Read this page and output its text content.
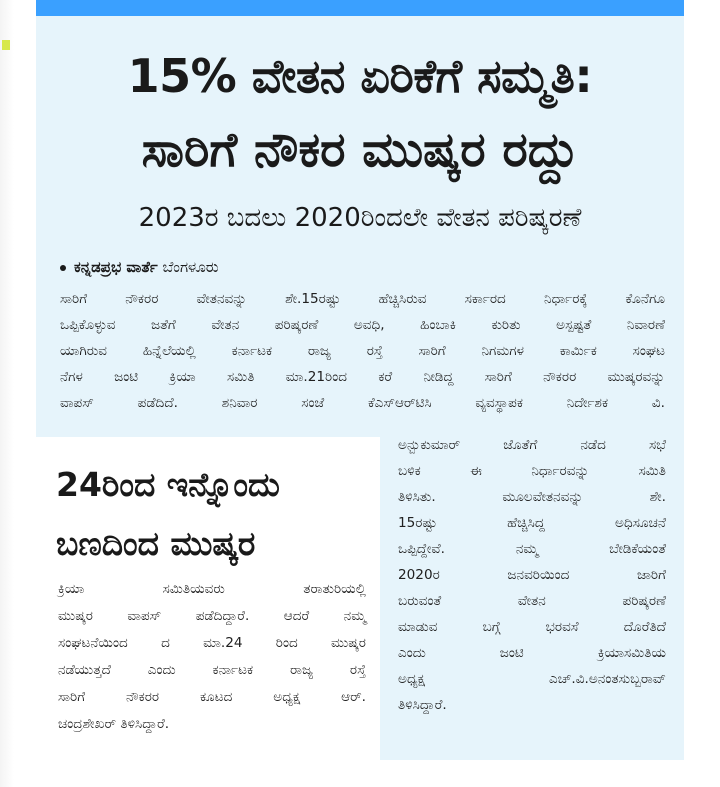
15% ವೇತನ ಏರಿಕೆಗೆ ಸಮ್ಮತಿ:
ಸಾರಿಗೆ ನೌಕರ ಮುಷ್ಕರ ರದ್ದು
2023ರ ಬದಲು 2020ರಿಂದಲೇ ವೇತನ ಪರಿಷ್ಕರಣೆ
ಕನ್ನಡಪ್ರಭ ವಾರ್ತೆ ಬೆಂಗಳೂರು
ಸಾರಿಗೆ ನೌಕರರ ವೇತನವನ್ನು ಶೇ.15ರಷ್ಟು ಹೆಚ್ಚಿಸಿರುವ ಸರ್ಕಾರದ ನಿರ್ಧಾರಕ್ಕೆ ಕೊನೆಗೂ
ಒಪ್ಪಿಕೊಳ್ಳುವ ಜತೆಗೆ ವೇತನ ಪರಿಷ್ಕರಣೆ ಅವಧಿ, ಹಿಂಬಾಕಿ ಕುರಿತು ಅಸ್ಪಷ್ಟತೆ ನಿವಾರಣೆ
ಯಾಗಿರುವ ಹಿನ್ನೆಲೆಯಲ್ಲಿ ಕರ್ನಾಟಕ ರಾಜ್ಯ ರಸ್ತೆ ಸಾರಿಗೆ ನಿಗಮಗಳ ಕಾರ್ಮಿಕ ಸಂಘಟ
ನೆಗಳ ಜಂಟಿ ಕ್ರಿಯಾ ಸಮಿತಿ ಮಾ.21ರಿಂದ ಕರೆ ನೀಡಿದ್ದ ಸಾರಿಗೆ ನೌಕರರ ಮುಷ್ಕರವನ್ನು
ವಾಪಸ್ ಪಡೆದಿದೆ. ಶನಿವಾರ ಸಂಜೆ ಕೆಎಸ್ಆರ್‌ಟಿಸಿ ವ್ಯವಸ್ಥಾಪಕ ನಿರ್ದೇಶಕ ವಿ.
ಅನ್ಬುಕುಮಾರ್ ಜೊತೆಗೆ ನಡೆದ ಸಭೆ
ಬಳಿಕ ಈ ನಿರ್ಧಾರವನ್ನು ಸಮಿತಿ
ತಿಳಿಸಿತು. ಮೂಲವೇತನವನ್ನು ಶೇ.
15ರಷ್ಟು ಹೆಚ್ಚಿಸಿದ್ದ ಅಧಿಸೂಚನೆ
ಒಪ್ಪಿದ್ದೇವೆ. ನಮ್ಮ ಬೇಡಿಕೆಯಂತೆ
2020ರ ಜನವರಿಯಿಂದ ಜಾರಿಗೆ
ಬರುವಂತೆ ವೇತನ ಪರಿಷ್ಕರಣೆ
ಮಾಡುವ ಬಗ್ಗೆ ಭರವಸೆ ದೊರೆತಿದೆ
ಎಂದು ಜಂಟಿ ಕ್ರಿಯಾಸಮಿತಿಯ
ಅಧ್ಯಕ್ಷ ಎಚ್.ವಿ.ಅನಂತಸುಬ್ಬರಾವ್
ತಿಳಿಸಿದ್ದಾರೆ.
24ರಿಂದ ಇನ್ನೊಂದು
ಬಣದಿಂದ ಮುಷ್ಕರ
ಕ್ರಿಯಾ ಸಮಿತಿಯವರು ತರಾತುರಿಯಲ್ಲಿ
ಮುಷ್ಕರ ವಾಪಸ್ ಪಡೆದಿದ್ದಾರೆ. ಆದರೆ ನಮ್ಮ
ಸಂಘಟನೆಯಿಂದ ದ ಮಾ.24 ರಿಂದ ಮುಷ್ಕರ
ನಡೆಯುತ್ತದೆ ಎಂದು ಕರ್ನಾಟಕ ರಾಜ್ಯ ರಸ್ತೆ
ಸಾರಿಗೆ ನೌಕರರ ಕೂಟದ ಅಧ್ಯಕ್ಷ ಆರ್.
ಚಂದ್ರಶೇಖರ್ ತಿಳಿಸಿದ್ದಾರೆ.
